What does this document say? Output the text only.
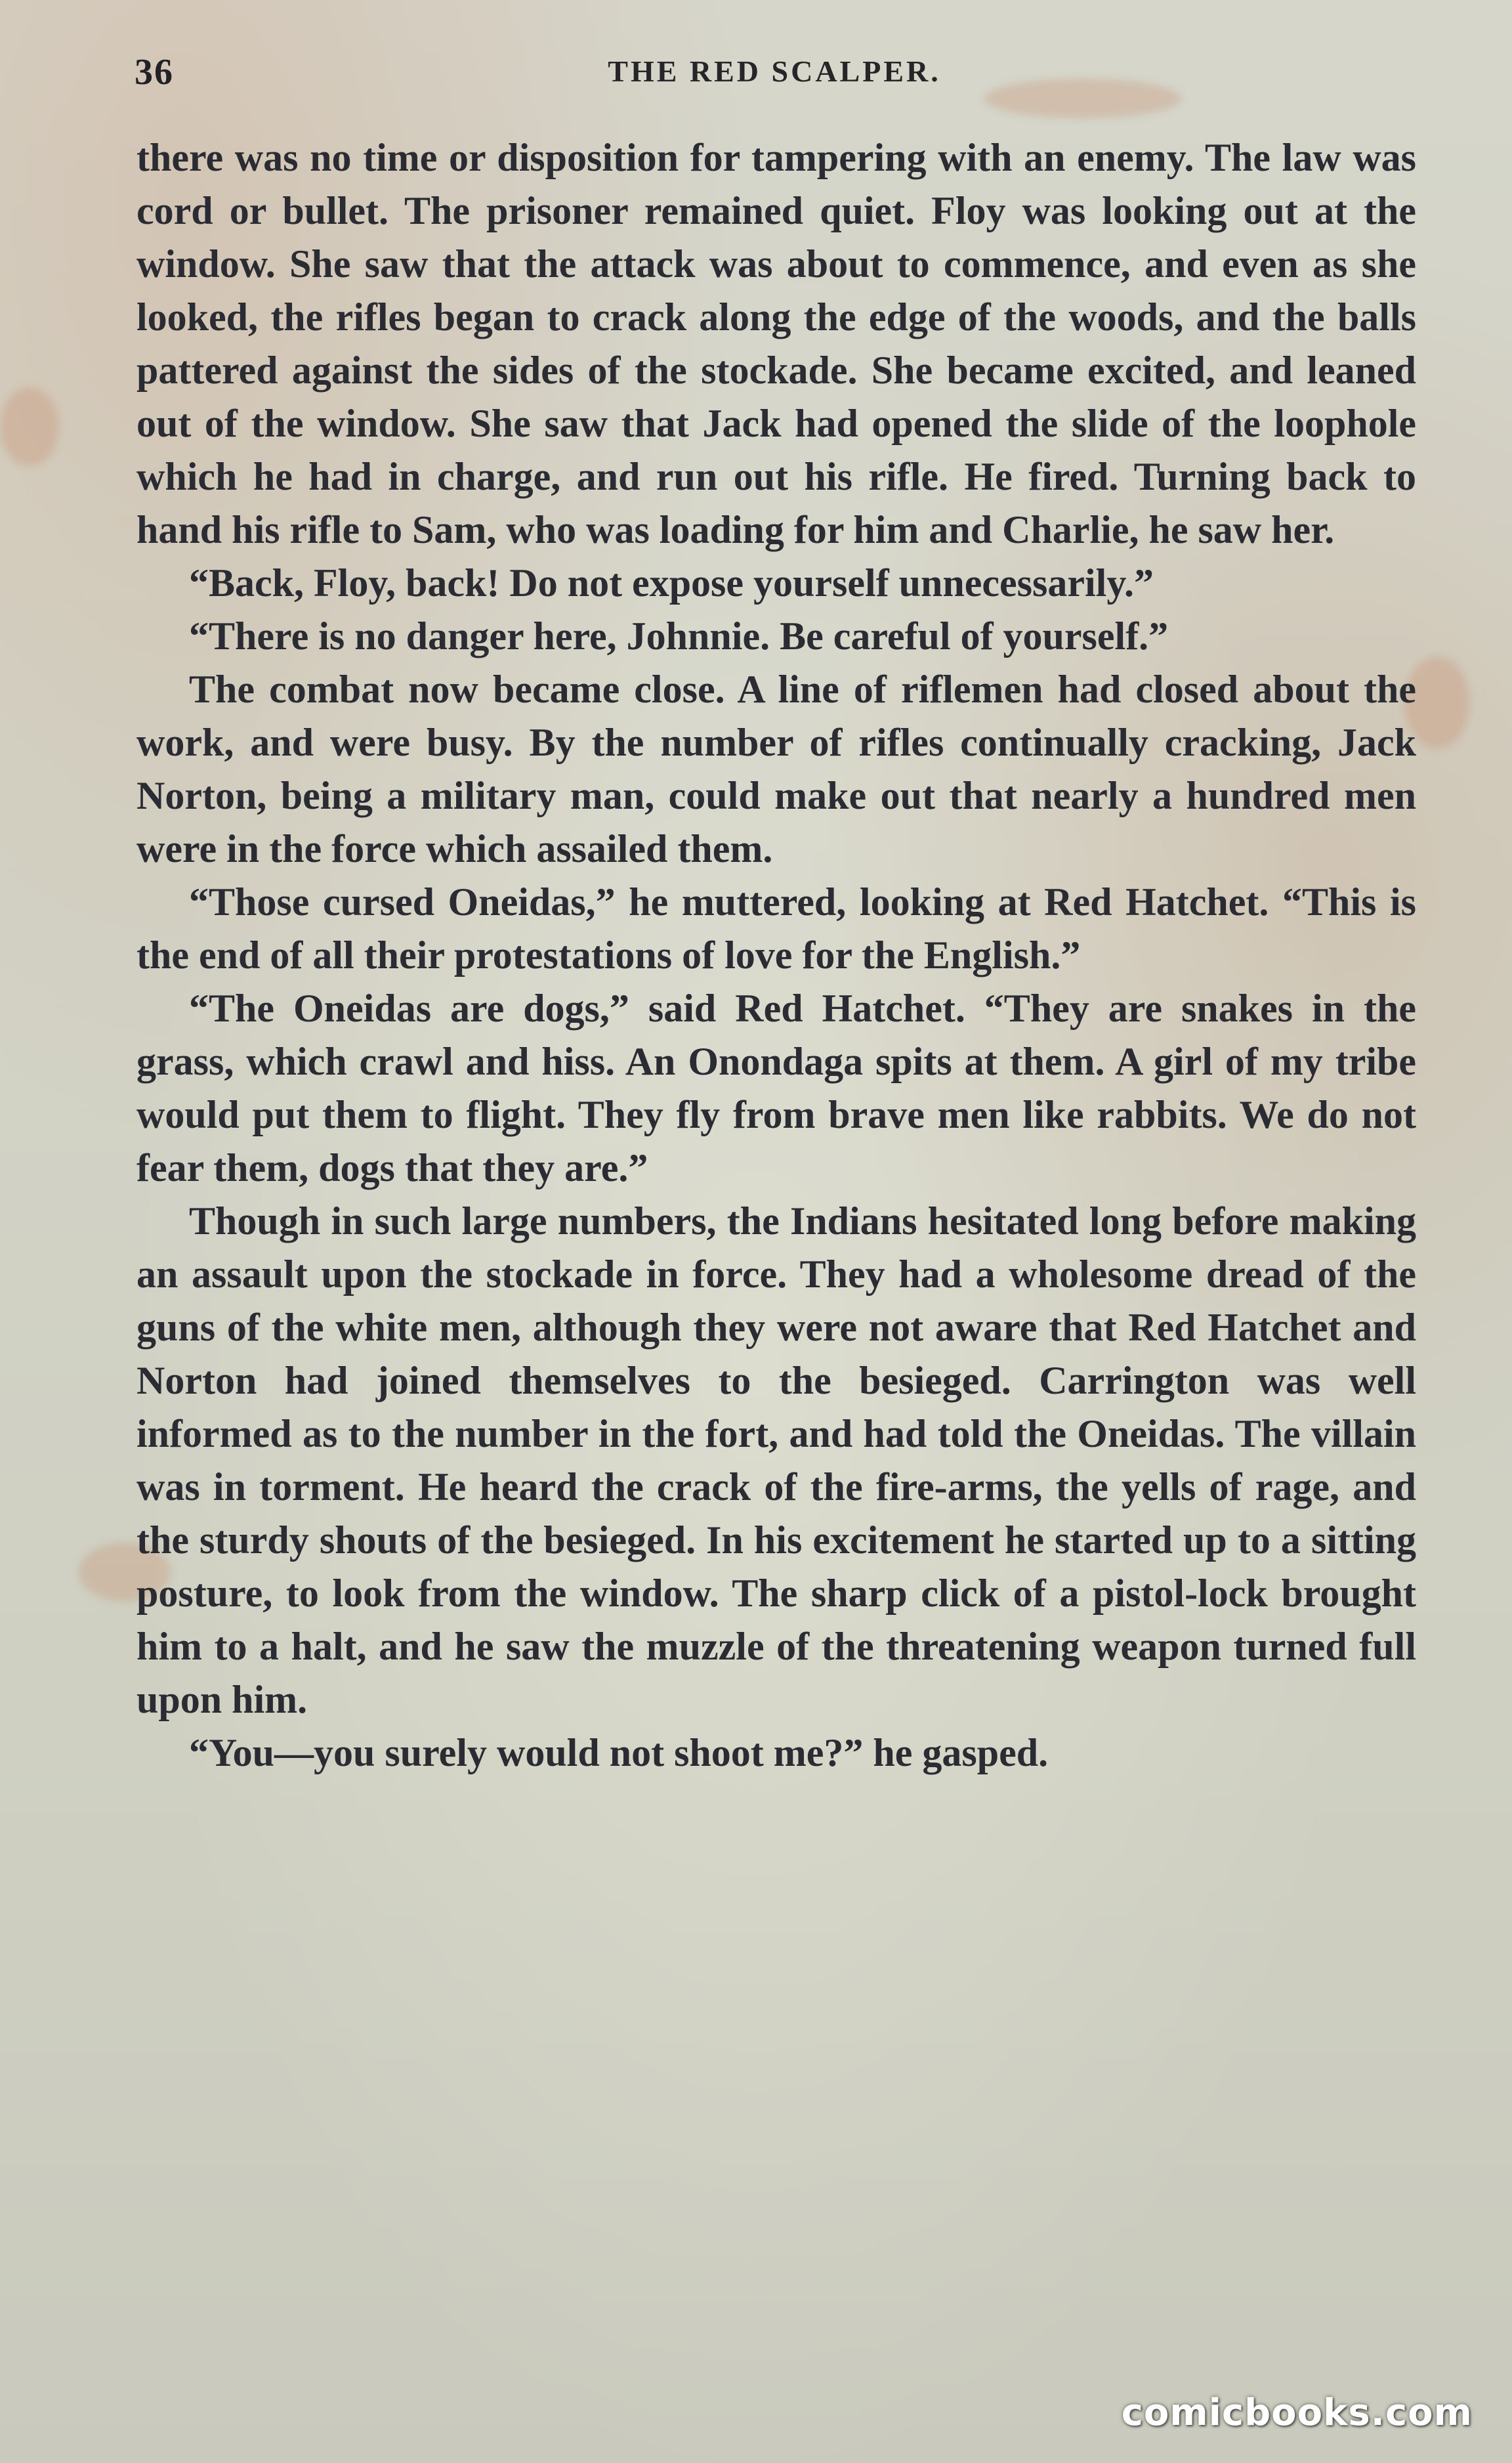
36	THE RED SCALPER.

there was no time or disposition for tampering with an enemy. The law was cord or bullet. The prisoner remained quiet. Floy was looking out at the window. She saw that the attack was about to commence, and even as she looked, the rifles began to crack along the edge of the woods, and the balls pattered against the sides of the stockade. She became excited, and leaned out of the window. She saw that Jack had opened the slide of the loophole which he had in charge, and run out his rifle. He fired. Turning back to hand his rifle to Sam, who was loading for him and Charlie, he saw her.

“Back, Floy, back! Do not expose yourself unnecessarily.”

“There is no danger here, Johnnie. Be careful of yourself.”

The combat now became close. A line of riflemen had closed about the work, and were busy. By the number of rifles continually cracking, Jack Norton, being a military man, could make out that nearly a hundred men were in the force which assailed them.

“Those cursed Oneidas,” he muttered, looking at Red Hatchet. “This is the end of all their protestations of love for the English.”

“The Oneidas are dogs,” said Red Hatchet. “They are snakes in the grass, which crawl and hiss. An Onondaga spits at them. A girl of my tribe would put them to flight. They fly from brave men like rabbits. We do not fear them, dogs that they are.”

Though in such large numbers, the Indians hesitated long before making an assault upon the stockade in force. They had a wholesome dread of the guns of the white men, although they were not aware that Red Hatchet and Norton had joined themselves to the besieged. Carrington was well informed as to the number in the fort, and had told the Oneidas. The villain was in torment. He heard the crack of the fire-arms, the yells of rage, and the sturdy shouts of the besieged. In his excitement he started up to a sitting posture, to look from the window. The sharp click of a pistol-lock brought him to a halt, and he saw the muzzle of the threatening weapon turned full upon him.

“You—you surely would not shoot me?” he gasped.

comicbooks.com
